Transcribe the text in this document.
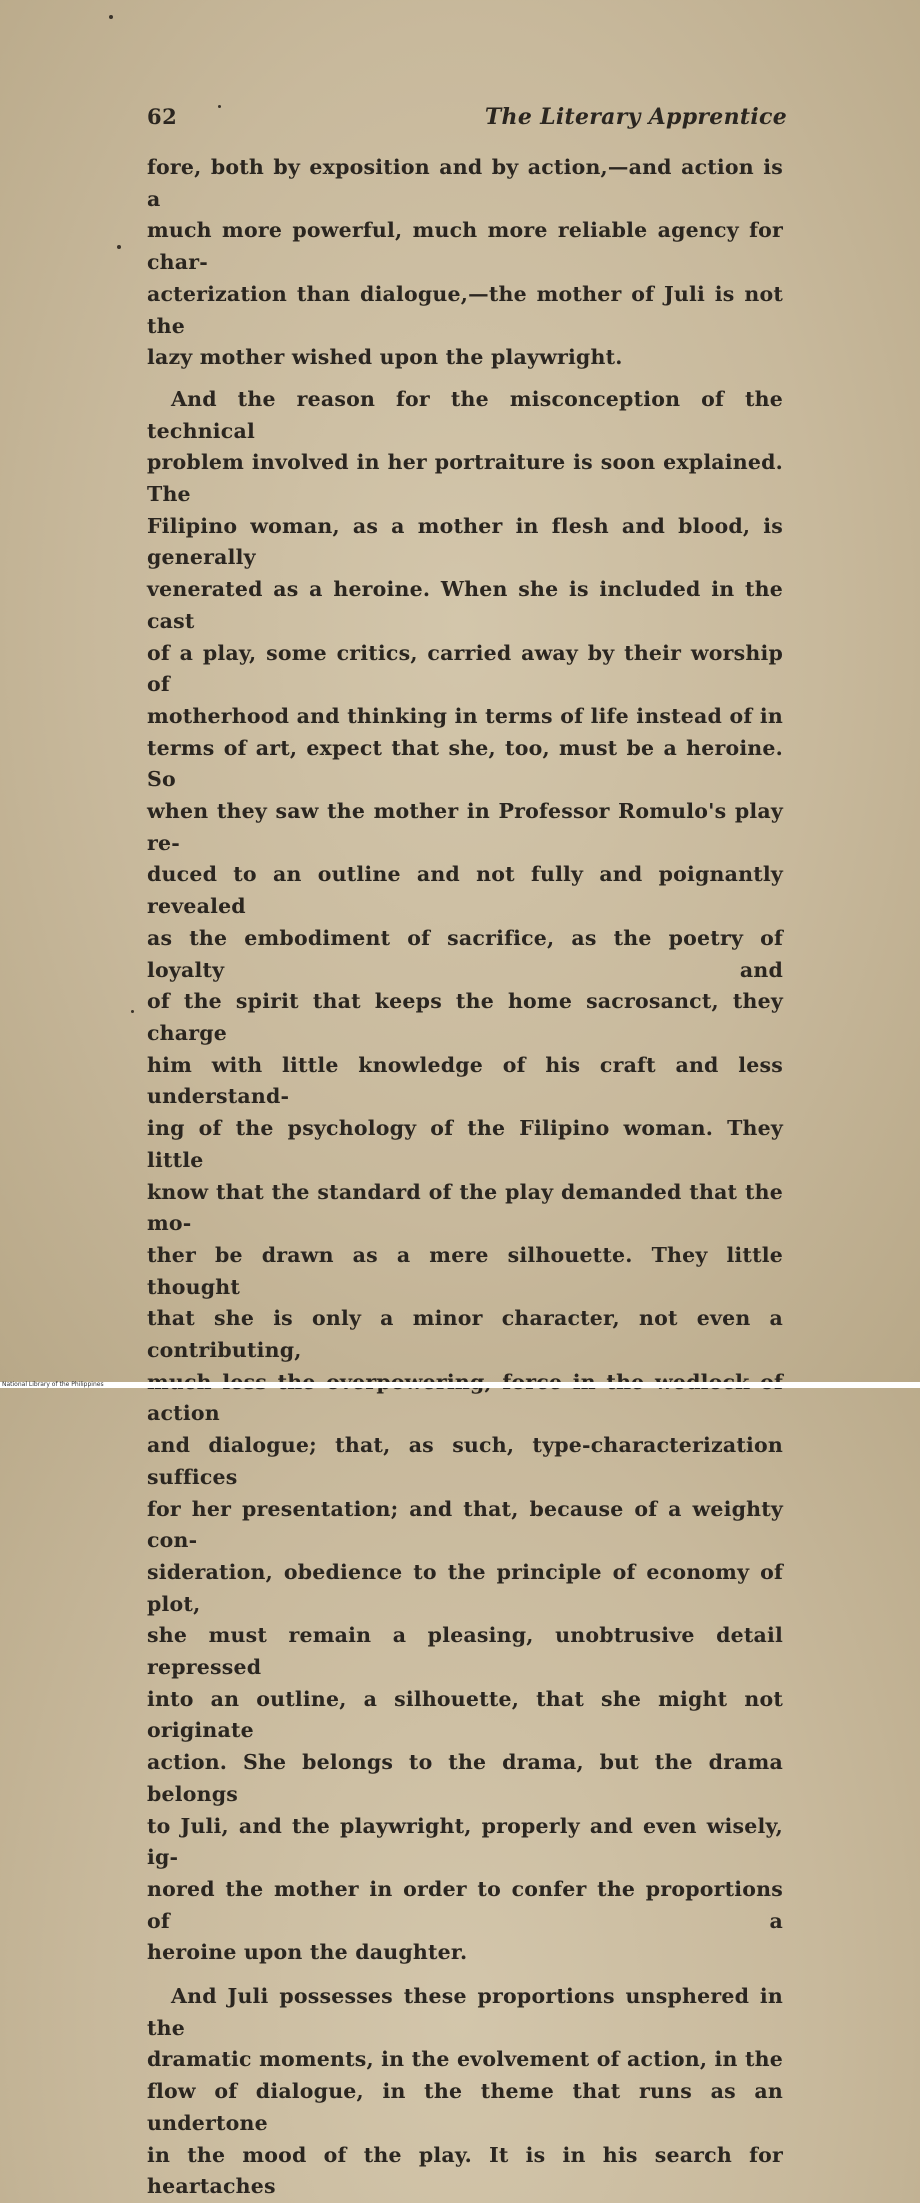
62	The Literary Apprentice

fore, both by exposition and by action,—and action is a
much more powerful, much more reliable agency for char-
acterization than dialogue,—the mother of Juli is not the
lazy mother wished upon the playwright.

And the reason for the misconception of the technical
problem involved in her portraiture is soon explained. The
Filipino woman, as a mother in flesh and blood, is generally
venerated as a heroine. When she is included in the cast
of a play, some critics, carried away by their worship of
motherhood and thinking in terms of life instead of in
terms of art, expect that she, too, must be a heroine. So
when they saw the mother in Professor Romulo's play re-
duced to an outline and not fully and poignantly revealed
as the embodiment of sacrifice, as the poetry of loyalty and
of the spirit that keeps the home sacrosanct, they charge
him with little knowledge of his craft and less understand-
ing of the psychology of the Filipino woman. They little
know that the standard of the play demanded that the mo-
ther be drawn as a mere silhouette. They little thought
that she is only a minor character, not even a contributing,
action
and dialogue; that, as such, type-characterization suffices
for her presentation; and that, because of a weighty con-
sideration, obedience to the principle of economy of plot,
she must remain a pleasing, unobtrusive detail repressed
into an outline, a silhouette, that she might not originate
action. She belongs to the drama, but the drama belongs
to Juli, and the playwright, properly and even wisely, ig-
nored the mother in order to confer the proportions of a
heroine upon the daughter.

And Juli possesses these proportions unsphered in the
dramatic moments, in the evolvement of action, in the
flow of dialogue, in the theme that runs as an undertone
in the mood of the play. It is in his search for heartaches

National Library of the Philippines
